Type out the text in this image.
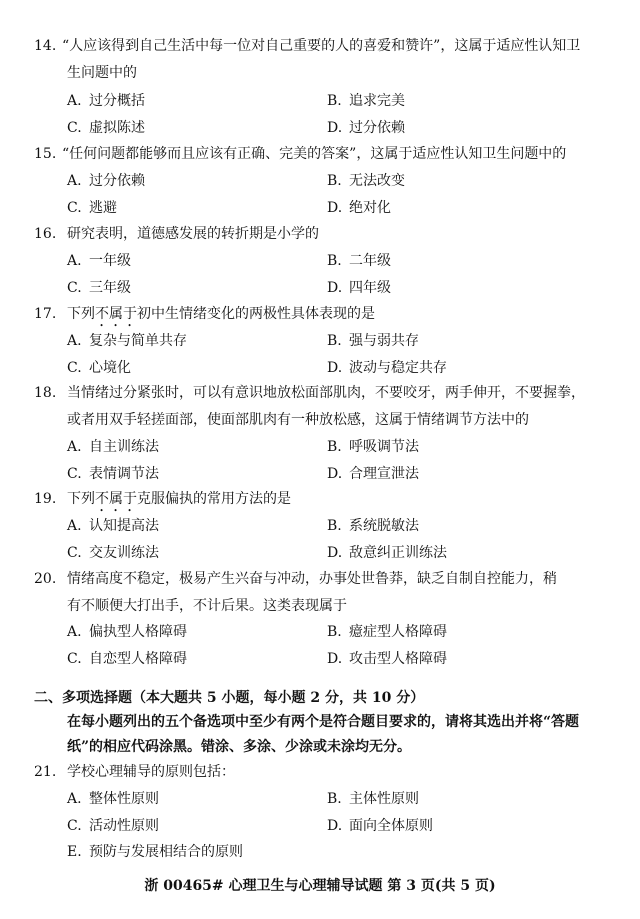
14. “人应该得到自己生活中每一位对自己重要的人的喜爱和赞许”，这属于适应性认知卫
生问题中的
A. 过分概括	B. 追求完美
C. 虚拟陈述	D. 过分依赖
15. “任何问题都能够而且应该有正确、完美的答案”，这属于适应性认知卫生问题中的
A. 过分依赖	B. 无法改变
C. 逃避	D. 绝对化
16. 研究表明，道德感发展的转折期是小学的
A. 一年级	B. 二年级
C. 三年级	D. 四年级
17. 下列不属于初中生情绪变化的两极性具体表现的是
A. 复杂与简单共存	B. 强与弱共存
C. 心境化	D. 波动与稳定共存
18. 当情绪过分紧张时，可以有意识地放松面部肌肉，不要咬牙，两手伸开，不要握拳，
或者用双手轻搓面部，使面部肌肉有一种放松感，这属于情绪调节方法中的
A. 自主训练法	B. 呼吸调节法
C. 表情调节法	D. 合理宣泄法
19. 下列不属于克服偏执的常用方法的是
A. 认知提高法	B. 系统脱敏法
C. 交友训练法	D. 敌意纠正训练法
20. 情绪高度不稳定，极易产生兴奋与冲动，办事处世鲁莽，缺乏自制自控能力，稍
有不顺便大打出手，不计后果。这类表现属于
A. 偏执型人格障碍	B. 癔症型人格障碍
C. 自恋型人格障碍	D. 攻击型人格障碍
二、多项选择题（本大题共 5 小题，每小题 2 分，共 10 分）
在每小题列出的五个备选项中至少有两个是符合题目要求的，请将其选出并将“答题
纸”的相应代码涂黑。错涂、多涂、少涂或未涂均无分。
21. 学校心理辅导的原则包括：
A. 整体性原则	B. 主体性原则
C. 活动性原则	D. 面向全体原则
E. 预防与发展相结合的原则
浙 00465# 心理卫生与心理辅导试题 第 3 页(共 5 页)
